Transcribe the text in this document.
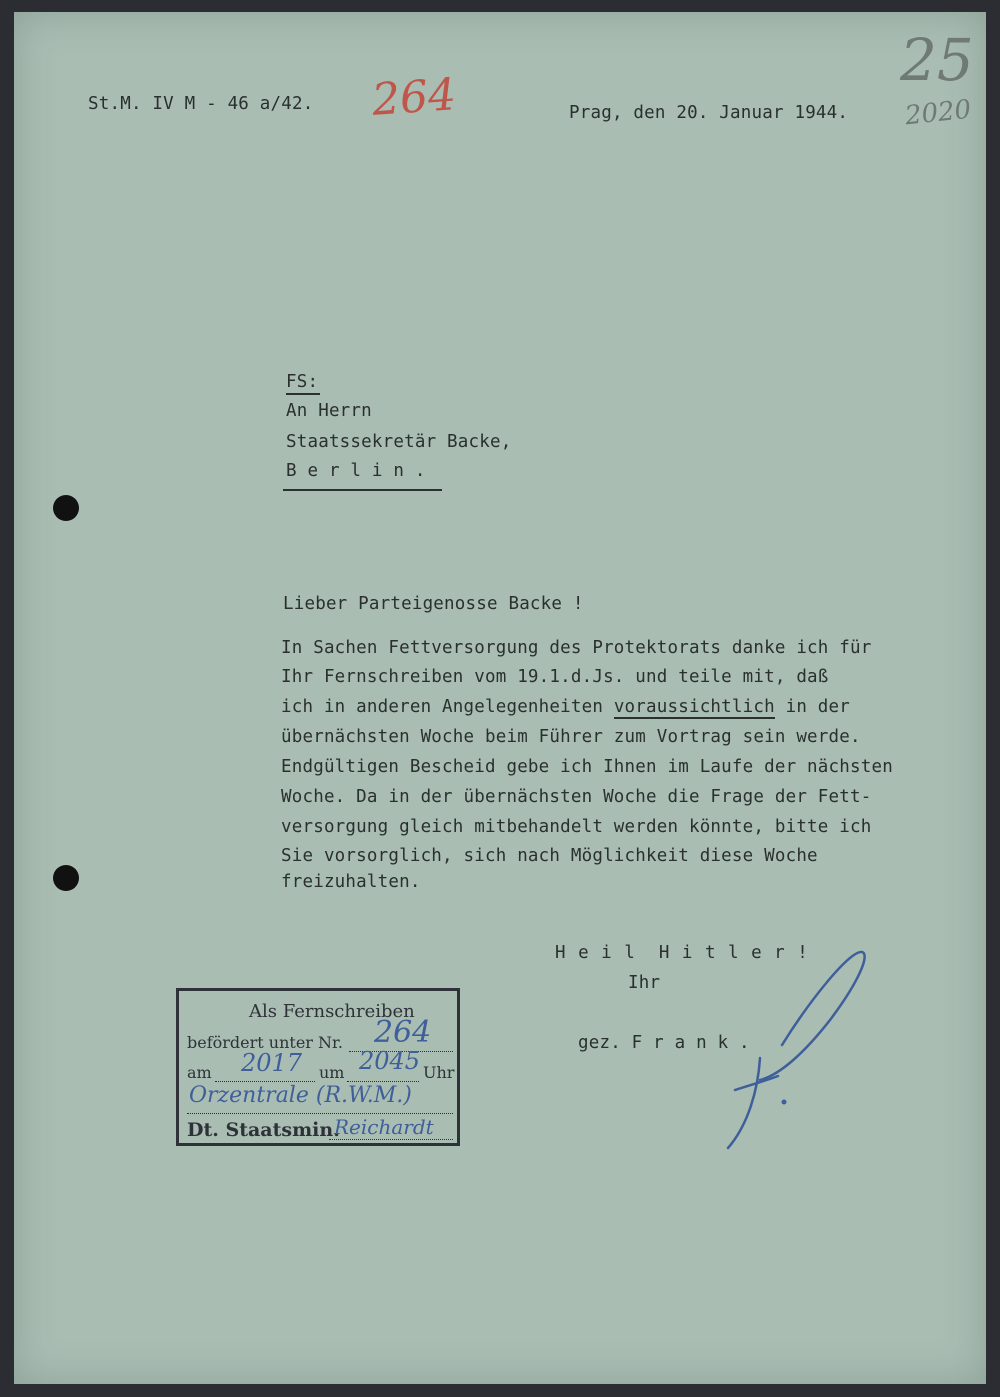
St.M. IV M - 46 a/42. 264	Prag, den 20. Januar 1944.
25
2020
FS:
An Herrn
Staatssekretär Backe,
B e r l i n .
Lieber Parteigenosse Backe !
In Sachen Fettversorgung des Protektorats danke ich für
Ihr Fernschreiben vom 19.1.d.Js. und teile mit, daß
ich in anderen Angelegenheiten voraussichtlich in der
übernächsten Woche beim Führer zum Vortrag sein werde.
Endgültigen Bescheid gebe ich Ihnen im Laufe der nächsten
Woche. Da in der übernächsten Woche die Frage der Fett-
versorgung gleich mitbehandelt werden könnte, bitte ich
Sie vorsorglich, sich nach Möglichkeit diese Woche
freizuhalten.
H e i l  H i t l e r !
Ihr
gez. F r a n k .
Als Fernschreiben
befördert unter Nr. 264
am 2017 um 2045 Uhr
Orzentrale (R.W.M.)
Dt. Staatsmin.
Reichardt
